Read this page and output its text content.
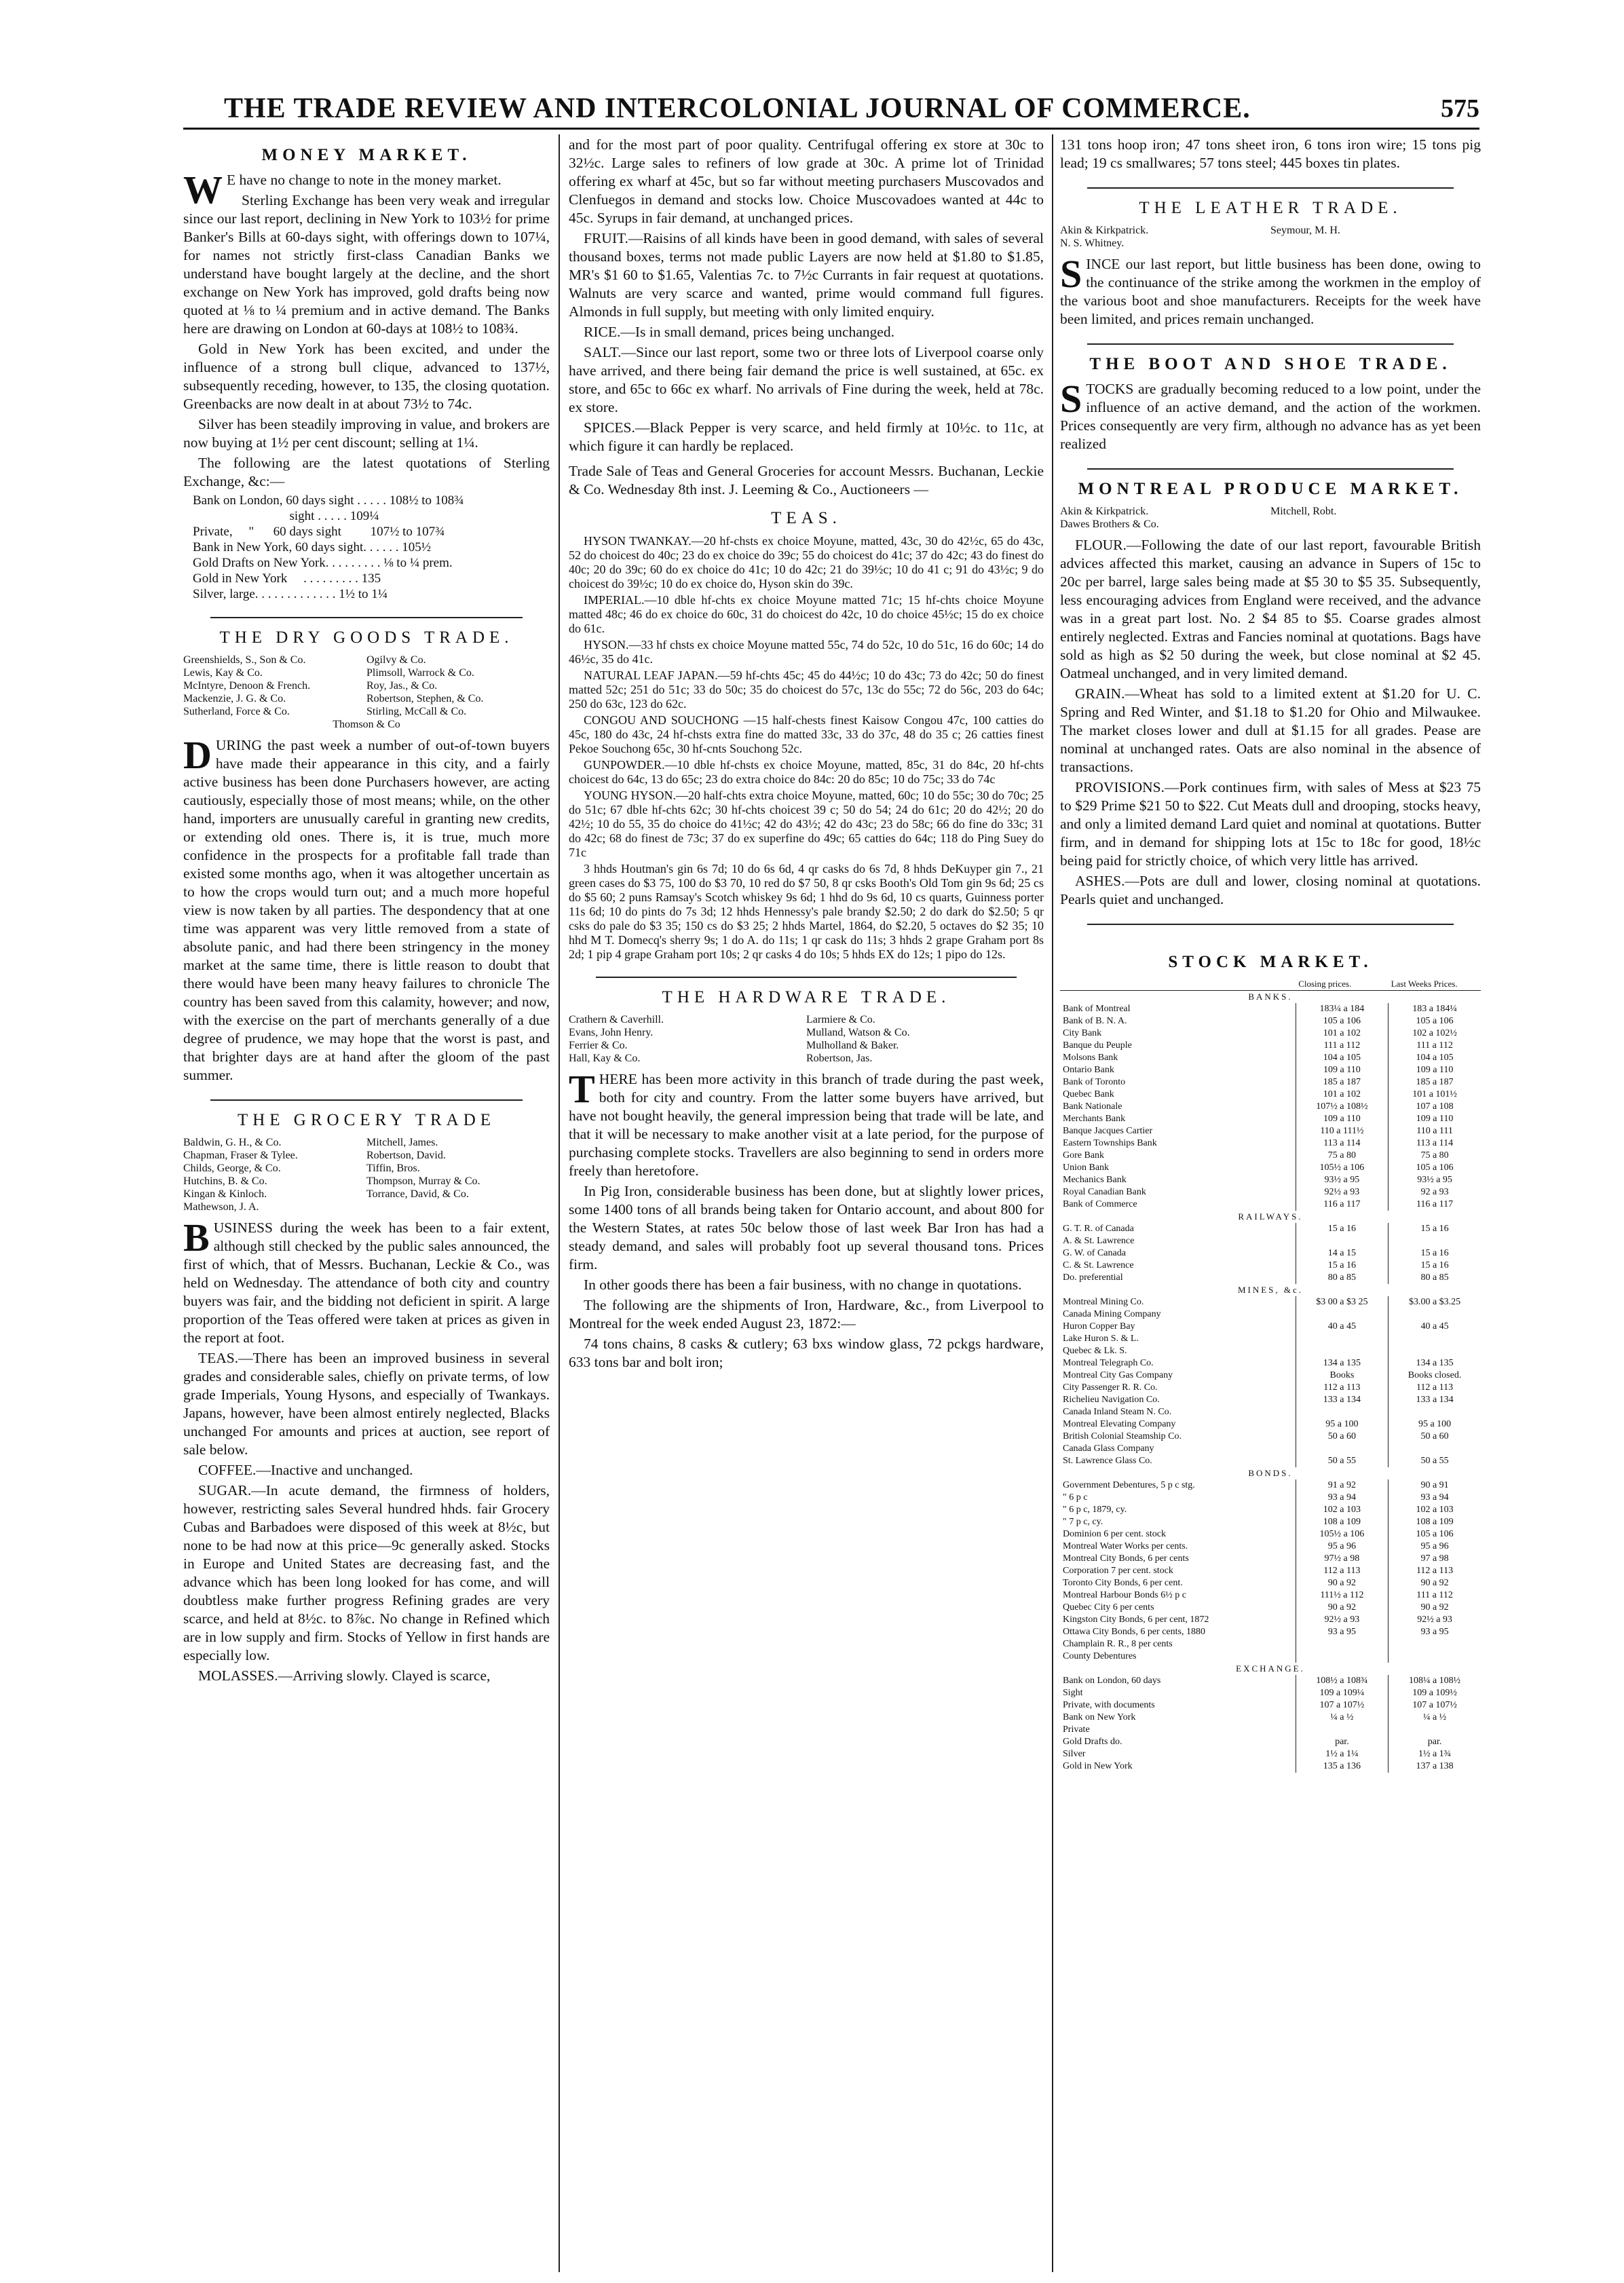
THE TRADE REVIEW AND INTERCOLONIAL JOURNAL OF COMMERCE.	575
MONEY MARKET.

WE have no change to note in the money market.

Sterling Exchange has been very weak and irregular since our last report, declining in New York to 103½ for prime Banker's Bills at 60-days sight, with offerings down to 107¼, for names not strictly first-class Canadian Banks we understand have bought largely at the decline, and the short exchange on New York has improved, gold drafts being now quoted at ⅛ to ¼ premium and in active demand. The Banks here are drawing on London at 60-days at 108½ to 108¾.

Gold in New York has been excited, and under the influence of a strong bull clique, advanced to 137½, subsequently receding, however, to 135, the closing quotation. Greenbacks are now dealt in at about 73½ to 74c.

Silver has been steadily improving in value, and brokers are now buying at 1½ per cent discount; selling at 1¼.

The following are the latest quotations of Sterling Exchange, &c:—

Bank on London, 60 days sight . . . . . 108½ to 108¾
sight . . . . . 109¼
Private,     "      60 days sight         107½ to 107¾
Bank in New York, 60 days sight. . . . . . 105½
Gold Drafts on New York. . . . . . . . . ⅛ to ¼ prem.
Gold in New York     . . . . . . . . . 135
Silver, large. . . . . . . . . . . . . 1½ to 1¼
THE DRY GOODS TRADE.
Greenshields, S., Son & Co.	Ogilvy & Co.
Lewis, Kay & Co.	Plimsoll, Warrock & Co.
McIntyre, Denoon & French.	Roy, Jas., & Co.
Mackenzie, J. G. & Co.	Robertson, Stephen, & Co.
Sutherland, Force & Co.	Stirling, McCall & Co.
Thomson & Co

DURING the past week a number of out-of-town buyers have made their appearance in this city, and a fairly active business has been done Purchasers however, are acting cautiously, especially those of most means; while, on the other hand, importers are unusually careful in granting new credits, or extending old ones. There is, it is true, much more confidence in the prospects for a profitable fall trade than existed some months ago, when it was altogether uncertain as to how the crops would turn out; and a much more hopeful view is now taken by all parties. The despondency that at one time was apparent was very little removed from a state of absolute panic, and had there been stringency in the money market at the same time, there is little reason to doubt that there would have been many heavy failures to chronicle The country has been saved from this calamity, however; and now, with the exercise on the part of merchants generally of a due degree of prudence, we may hope that the worst is past, and that brighter days are at hand after the gloom of the past summer.

THE GROCERY TRADE
Baldwin, G. H., & Co.	Mitchell, James.
Chapman, Fraser & Tylee.	Robertson, David.
Childs, George, & Co.	Tiffin, Bros.
Hutchins, B. & Co.	Thompson, Murray & Co.
Kingan & Kinloch.	Torrance, David, & Co.
Mathewson, J. A.

BUSINESS during the week has been to a fair extent, although still checked by the public sales announced, the first of which, that of Messrs. Buchanan, Leckie & Co., was held on Wednesday. The attendance of both city and country buyers was fair, and the bidding not deficient in spirit. A large proportion of the Teas offered were taken at prices as given in the report at foot.

TEAS.—There has been an improved business in several grades and considerable sales, chiefly on private terms, of low grade Imperials, Young Hysons, and especially of Twankays. Japans, however, have been almost entirely neglected, Blacks unchanged For amounts and prices at auction, see report of sale below.

COFFEE.—Inactive and unchanged.

SUGAR.—In acute demand, the firmness of holders, however, restricting sales Several hundred hhds. fair Grocery Cubas and Barbadoes were disposed of this week at 8½c, but none to be had now at this price—9c generally asked. Stocks in Europe and United States are decreasing fast, and the advance which has been long looked for has come, and will doubtless make further progress Refining grades are very scarce, and held at 8½c. to 8⅞c. No change in Refined which are in low supply and firm. Stocks of Yellow in first hands are especially low.

MOLASSES.—Arriving slowly. Clayed is scarce,

and for the most part of poor quality. Centrifugal offering ex store at 30c to 32½c. Large sales to refiners of low grade at 30c. A prime lot of Trinidad offering ex wharf at 45c, but so far without meeting purchasers Muscovados and Clenfuegos in demand and stocks low. Choice Muscovadoes wanted at 44c to 45c. Syrups in fair demand, at unchanged prices.

FRUIT.—Raisins of all kinds have been in good demand, with sales of several thousand boxes, terms not made public Layers are now held at $1.80 to $1.85, MR's $1 60 to $1.65, Valentias 7c. to 7½c Currants in fair request at quotations. Walnuts are very scarce and wanted, prime would command full figures. Almonds in full supply, but meeting with only limited enquiry.

RICE.—Is in small demand, prices being unchanged.

SALT.—Since our last report, some two or three lots of Liverpool coarse only have arrived, and there being fair demand the price is well sustained, at 65c. ex store, and 65c to 66c ex wharf. No arrivals of Fine during the week, held at 78c. ex store.

SPICES.—Black Pepper is very scarce, and held firmly at 10½c. to 11c, at which figure it can hardly be replaced.

Trade Sale of Teas and General Groceries for account Messrs. Buchanan, Leckie & Co. Wednesday 8th inst. J. Leeming & Co., Auctioneers —

TEAS.

HYSON TWANKAY.—20 hf-chsts ex choice Moyune, matted, 43c, 30 do 42½c, 65 do 43c, 52 do choicest do 40c; 23 do ex choice do 39c; 55 do choicest do 41c; 37 do 42c; 43 do finest do 40c; 20 do 39c; 60 do ex choice do 41c; 10 do 42c; 21 do 39½c; 10 do 41 c; 91 do 43½c; 9 do choicest do 39½c; 10 do ex choice do, Hyson skin do 39c.

IMPERIAL.—10 dble hf-chts ex choice Moyune matted 71c; 15 hf-chts choice Moyune matted 48c; 46 do ex choice do 60c, 31 do choicest do 42c, 10 do choice 45½c; 15 do ex choice do 61c.

HYSON.—33 hf chsts ex choice Moyune matted 55c, 74 do 52c, 10 do 51c, 16 do 60c; 14 do 46½c, 35 do 41c.

NATURAL LEAF JAPAN.—59 hf-chts 45c; 45 do 44½c; 10 do 43c; 73 do 42c; 50 do finest matted 52c; 251 do 51c; 33 do 50c; 35 do choicest do 57c, 13c do 55c; 72 do 56c, 203 do 64c; 250 do 63c, 123 do 62c.

CONGOU AND SOUCHONG —15 half-chests finest Kaisow Congou 47c, 100 catties do 45c, 180 do 43c, 24 hf-chsts extra fine do matted 33c, 33 do 37c, 48 do 35 c; 26 catties finest Pekoe Souchong 65c, 30 hf-cnts Souchong 52c.

GUNPOWDER.—10 dble hf-chsts ex choice Moyune, matted, 85c, 31 do 84c, 20 hf-chts choicest do 64c, 13 do 65c; 23 do extra choice do 84c: 20 do 85c; 10 do 75c; 33 do 74c

YOUNG HYSON.—20 half-chts extra choice Moyune, matted, 60c; 10 do 55c; 30 do 70c; 25 do 51c; 67 dble hf-chts 62c; 30 hf-chts choicest 39 c; 50 do 54; 24 do 61c; 20 do 42½; 20 do 42½; 10 do 55, 35 do choice do 41½c; 42 do 43½; 42 do 43c; 23 do 58c; 66 do fine do 33c; 31 do 42c; 68 do finest de 73c; 37 do ex superfine do 49c; 65 catties do 64c; 118 do Ping Suey do 71c

3 hhds Houtman's gin 6s 7d; 10 do 6s 6d, 4 qr casks do 6s 7d, 8 hhds DeKuyper gin 7., 21 green cases do $3 75, 100 do $3 70, 10 red do $7 50, 8 qr csks Booth's Old Tom gin 9s 6d; 25 cs do $5 60; 2 puns Ramsay's Scotch whiskey 9s 6d; 1 hhd do 9s 6d, 10 cs quarts, Guinness porter 11s 6d; 10 do pints do 7s 3d; 12 hhds Hennessy's pale brandy $2.50; 2 do dark do $2.50; 5 qr csks do pale do $3 35; 150 cs do $3 25; 2 hhds Martel, 1864, do $2.20, 5 octaves do $2 35; 10 hhd M T. Domecq's sherry 9s; 1 do A. do 11s; 1 qr cask do 11s; 3 hhds 2 grape Graham port 8s 2d; 1 pip 4 grape Graham port 10s; 2 qr casks 4 do 10s; 5 hhds EX do 12s; 1 pipo do 12s.

THE HARDWARE TRADE.
Crathern & Caverhill.	Larmiere & Co.
Evans, John Henry.	Mulland, Watson & Co.
Ferrier & Co.	Mulholland & Baker.
Hall, Kay & Co.	Robertson, Jas.

THERE has been more activity in this branch of trade during the past week, both for city and country. From the latter some buyers have arrived, but have not bought heavily, the general impression being that trade will be late, and that it will be necessary to make another visit at a late period, for the purpose of purchasing complete stocks. Travellers are also beginning to send in orders more freely than heretofore.

In Pig Iron, considerable business has been done, but at slightly lower prices, some 1400 tons of all brands being taken for Ontario account, and about 800 for the Western States, at rates 50c below those of last week Bar Iron has had a steady demand, and sales will probably foot up several thousand tons. Prices firm.

In other goods there has been a fair business, with no change in quotations.

The following are the shipments of Iron, Hardware, &c., from Liverpool to Montreal for the week ended August 23, 1872:—

74 tons chains, 8 casks & cutlery; 63 bxs window glass, 72 pckgs hardware, 633 tons bar and bolt iron;

131 tons hoop iron; 47 tons sheet iron, 6 tons iron wire; 15 tons pig lead; 19 cs smallwares; 57 tons steel; 445 boxes tin plates.

THE LEATHER TRADE.
Akin & Kirkpatrick.	Seymour, M. H.
N. S. Whitney.

SINCE our last report, but little business has been done, owing to the continuance of the strike among the workmen in the employ of the various boot and shoe manufacturers. Receipts for the week have been limited, and prices remain unchanged.

THE BOOT AND SHOE TRADE.

STOCKS are gradually becoming reduced to a low point, under the influence of an active demand, and the action of the workmen. Prices consequently are very firm, although no advance has as yet been realized

MONTREAL PRODUCE MARKET.
Akin & Kirkpatrick.	Mitchell, Robt.
Dawes Brothers & Co.

FLOUR.—Following the date of our last report, favourable British advices affected this market, causing an advance in Supers of 15c to 20c per barrel, large sales being made at $5 30 to $5 35. Subsequently, less encouraging advices from England were received, and the advance was in a great part lost. No. 2 $4 85 to $5. Coarse grades almost entirely neglected. Extras and Fancies nominal at quotations. Bags have sold as high as $2 50 during the week, but close nominal at $2 45. Oatmeal unchanged, and in very limited demand.

GRAIN.—Wheat has sold to a limited extent at $1.20 for U. C. Spring and Red Winter, and $1.18 to $1.20 for Ohio and Milwaukee. The market closes lower and dull at $1.15 for all grades. Pease are nominal at unchanged rates. Oats are also nominal in the absence of transactions.

PROVISIONS.—Pork continues firm, with sales of Mess at $23 75 to $29 Prime $21 50 to $22. Cut Meats dull and drooping, stocks heavy, and only a limited demand Lard quiet and nominal at quotations. Butter firm, and in demand for shipping lots at 15c to 18c for good, 18½c being paid for strictly choice, of which very little has arrived.

ASHES.—Pots are dull and lower, closing nominal at quotations. Pearls quiet and unchanged.

STOCK MARKET.
	Closing prices.	Last Weeks Prices.
BANKS.		
Bank of Montreal	183¼ a 184	183 a 184¼
Bank of B. N. A.	105 a 106	105 a 106
City Bank	101 a 102	102 a 102½
Banque du Peuple	111 a 112	111 a 112
Molsons Bank	104 a 105	104 a 105
Ontario Bank	109 a 110	109 a 110
Bank of Toronto	185 a 187	185 a 187
Quebec Bank	101 a 102	101 a 101½
Bank Nationale	107½ a 108½	107 a 108
Merchants Bank	109 a 110	109 a 110
Banque Jacques Cartier	110 a 111½	110 a 111
Eastern Townships Bank	113 a 114	113 a 114
Gore Bank	75 a 80	75 a 80
Union Bank	105½ a 106	105 a 106
Mechanics Bank	93½ a 95	93½ a 95
Royal Canadian Bank	92½ a 93	92 a 93
Bank of Commerce	116 a 117	116 a 117
RAILWAYS.		
G. T. R. of Canada	15 a 16	15 a 16
A. & St. Lawrence		
G. W. of Canada	14 a 15	15 a 16
C. & St. Lawrence	15 a 16	15 a 16
Do. preferential	80 a 85	80 a 85
MINES, &c.		
Montreal Mining Co.	$3 00 a $3 25	$3.00 a $3.25
Canada Mining Company		
Huron Copper Bay	40 a 45	40 a 45
Lake Huron S. & L.		
Quebec & Lk. S.		
Montreal Telegraph Co.	134 a 135	134 a 135
Montreal City Gas Company	Books	Books closed.
City Passenger R. R. Co.	112 a 113	112 a 113
Richelieu Navigation Co.	133 a 134	133 a 134
Canada Inland Steam N. Co.		
Montreal Elevating Company	95 a 100	95 a 100
British Colonial Steamship Co.	50 a 60	50 a 60
Canada Glass Company		
St. Lawrence Glass Co.	50 a 55	50 a 55
BONDS.		
Government Debentures, 5 p c stg.	91 a 92	90 a 91
" 6 p c	93 a 94	93 a 94
" 6 p c, 1879, cy.	102 a 103	102 a 103
" 7 p c, cy.	108 a 109	108 a 109
Dominion 6 per cent. stock	105½ a 106	105 a 106
Montreal Water Works per cents.	95 a 96	95 a 96
Montreal City Bonds, 6 per cents	97½ a 98	97 a 98
Corporation 7 per cent. stock	112 a 113	112 a 113
Toronto City Bonds, 6 per cent.	90 a 92	90 a 92
Montreal Harbour Bonds 6½ p c	111½ a 112	111 a 112
Quebec City 6 per cents	90 a 92	90 a 92
Kingston City Bonds, 6 per cent, 1872	92½ a 93	92½ a 93
Ottawa City Bonds, 6 per cents, 1880	93 a 95	93 a 95
Champlain R. R., 8 per cents		
County Debentures		
EXCHANGE.		
Bank on London, 60 days	108½ a 108¾	108¼ a 108½
Sight	109 a 109¼	109 a 109½
Private, with documents	107 a 107½	107 a 107½
Bank on New York	¼ a ½	¼ a ½
Private		
Gold Drafts do.	par.	par.
Silver	1½ a 1¼	1½ a 1¾
Gold in New York	135 a 136	137 a 138
